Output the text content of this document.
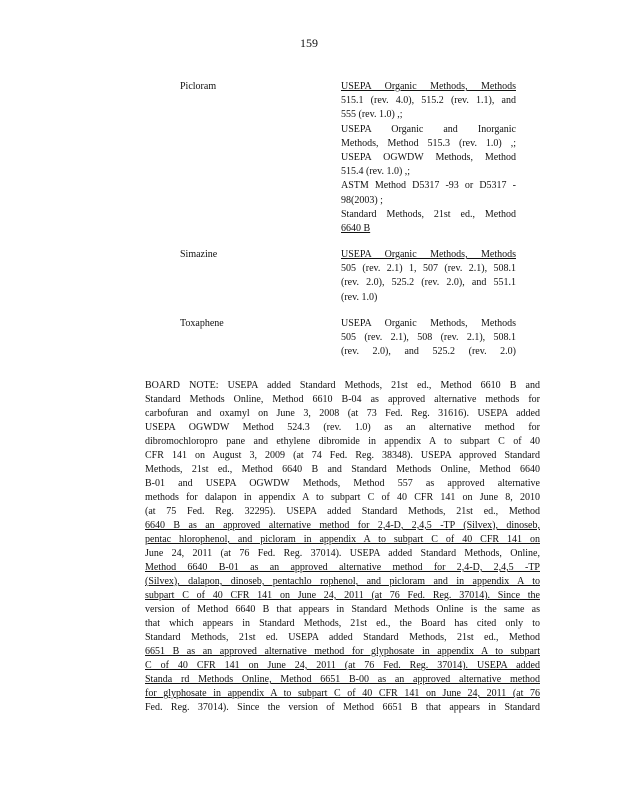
159
Picloram	USEPA Organic Methods, Methods
515.1 (rev. 4.0), 515.2 (rev. 1.1), and
555 (rev. 1.0) ,;
USEPA Organic and Inorganic
Methods, Method 515.3 (rev. 1.0) ,;
USEPA OGWDW Methods, Method
515.4 (rev. 1.0) ,;
ASTM Method D5317 -93 or D5317 -
98(2003) ;
Standard Methods, 21st ed., Method
6640 B
Simazine	USEPA Organic Methods, Methods
505 (rev. 2.1) 1, 507 (rev. 2.1), 508.1
(rev. 2.0), 525.2 (rev. 2.0), and 551.1
(rev. 1.0)
Toxaphene	USEPA Organic Methods, Methods
505 (rev. 2.1), 508 (rev. 2.1), 508.1
(rev. 2.0), and 525.2 (rev. 2.0)
BOARD NOTE: USEPA added Standard Methods, 21st ed., Method 6610 B and
Standard Methods Online, Method 6610 B-04 as approved alternative methods for
carbofuran and oxamyl on June 3, 2008 (at 73 Fed. Reg. 31616). USEPA added
USEPA OGWDW Method 524.3 (rev. 1.0) as an alternative method for
dibromochloropro pane and ethylene dibromide in appendix A to subpart C of 40
CFR 141 on August 3, 2009 (at 74 Fed. Reg. 38348). USEPA approved Standard
Methods, 21st ed., Method 6640 B and Standard Methods Online, Method 6640
B-01 and USEPA OGWDW Methods, Method 557 as approved alternative
methods for dalapon in appendix A to subpart C of 40 CFR 141 on June 8, 2010
(at 75 Fed. Reg. 32295). USEPA added Standard Methods, 21st ed., Method
6640 B as an approved alternative method for 2,4-D, 2,4,5 -TP (Silvex), dinoseb,
pentac hlorophenol, and picloram in appendix A to subpart C of 40 CFR 141 on
June 24, 2011 (at 76 Fed. Reg. 37014). USEPA added Standard Methods, Online,
Method 6640 B-01 as an approved alternative method for 2,4-D, 2,4,5 -TP
(Silvex), dalapon, dinoseb, pentachlo rophenol, and picloram and in appendix A to
subpart C of 40 CFR 141 on June 24, 2011 (at 76 Fed. Reg. 37014). Since the
version of Method 6640 B that appears in Standard Methods Online is the same as
that which appears in Standard Methods, 21st ed., the Board has cited only to
Standard Methods, 21st ed. USEPA added Standard Methods, 21st ed., Method
6651 B as an approved alternative method for glyphosate in appendix A to subpart
C of 40 CFR 141 on June 24, 2011 (at 76 Fed. Reg. 37014). USEPA added
Standa rd Methods Online, Method 6651 B-00 as an approved alternative method
for glyphosate in appendix A to subpart C of 40 CFR 141 on June 24, 2011 (at 76
Fed. Reg. 37014). Since the version of Method 6651 B that appears in Standard
